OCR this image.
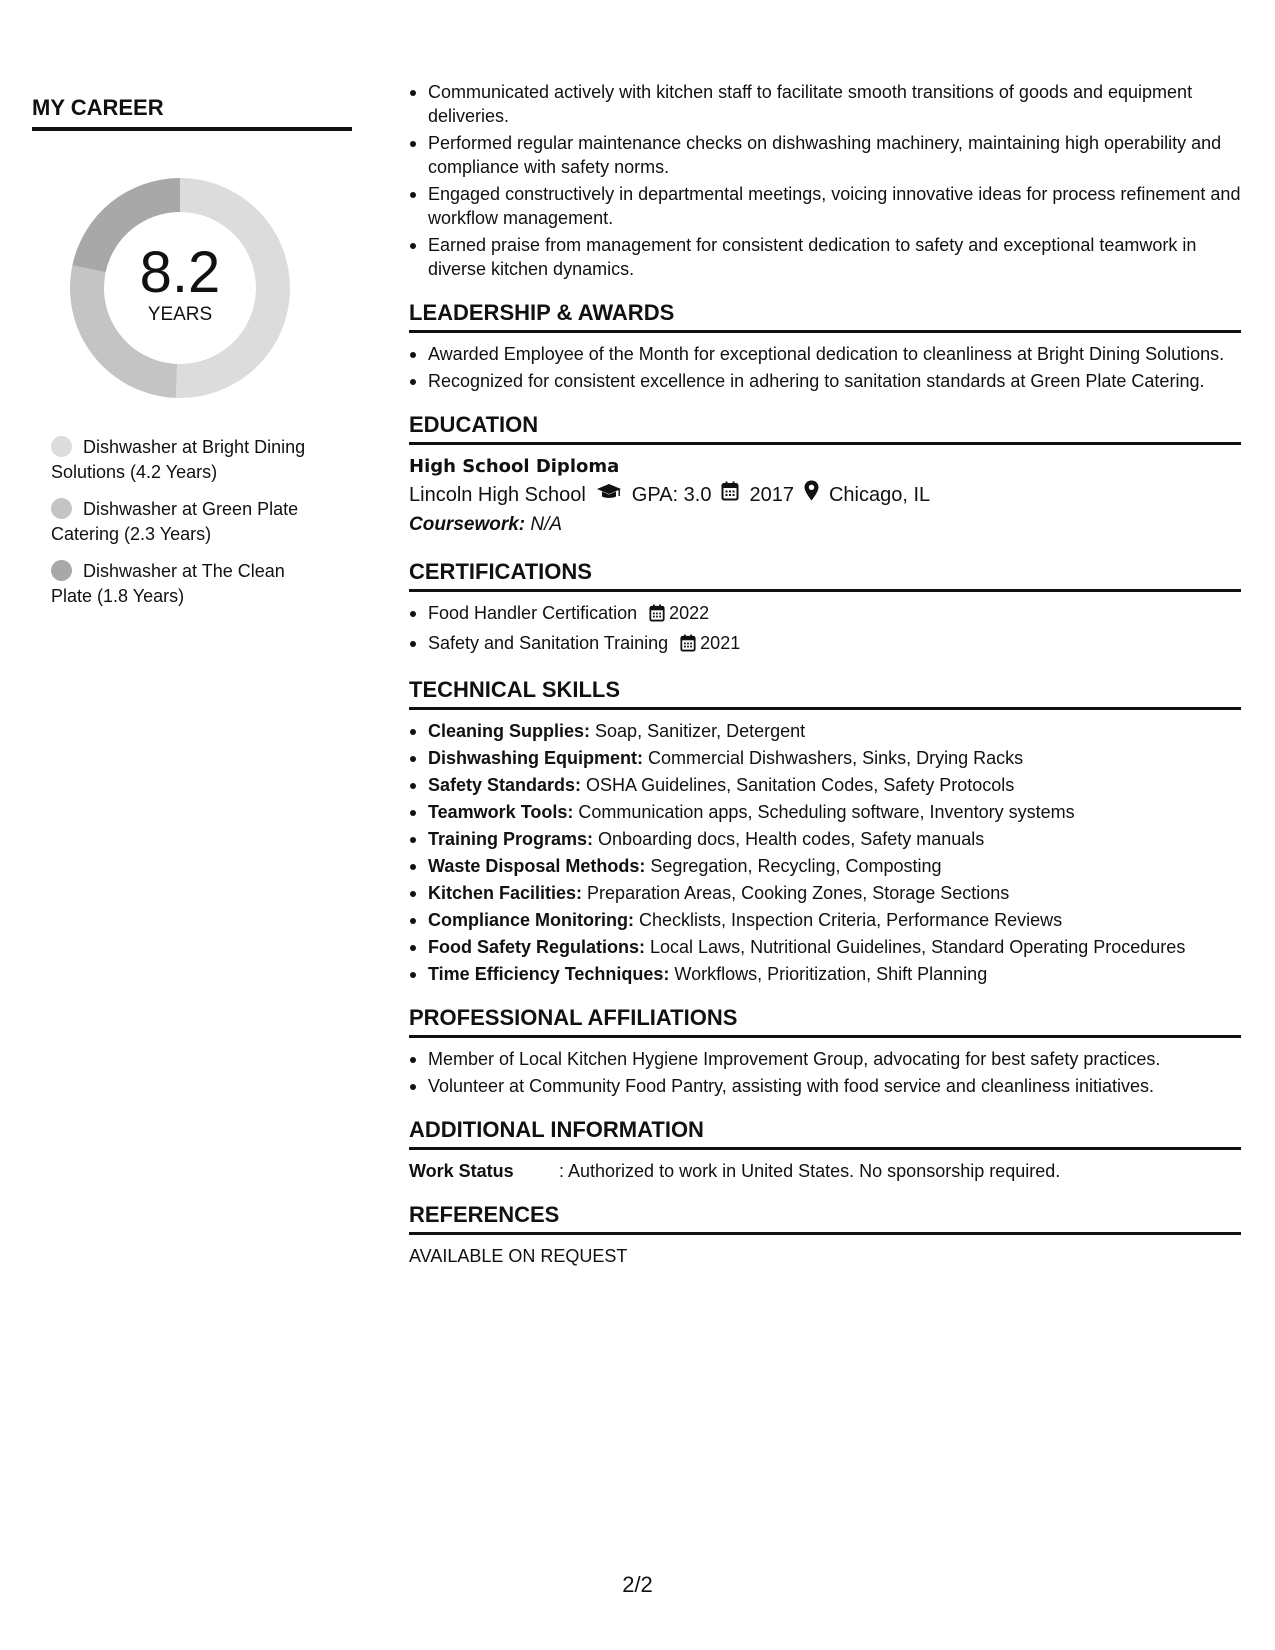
MY CAREER
8.2
YEARS
Dishwasher at Bright Dining Solutions (4.2 Years)
Dishwasher at Green Plate Catering (2.3 Years)
Dishwasher at The Clean Plate (1.8 Years)
Communicated actively with kitchen staff to facilitate smooth transitions of goods and equipment deliveries.
Performed regular maintenance checks on dishwashing machinery, maintaining high operability and compliance with safety norms.
Engaged constructively in departmental meetings, voicing innovative ideas for process refinement and workflow management.
Earned praise from management for consistent dedication to safety and exceptional teamwork in diverse kitchen dynamics.
LEADERSHIP & AWARDS
Awarded Employee of the Month for exceptional dedication to cleanliness at Bright Dining Solutions.
Recognized for consistent excellence in adhering to sanitation standards at Green Plate Catering.
EDUCATION
High School Diploma
Lincoln High School GPA: 3.0 2017 Chicago, IL
Coursework: N/A
CERTIFICATIONS
Food Handler Certification 2022
Safety and Sanitation Training 2021
TECHNICAL SKILLS
Cleaning Supplies: Soap, Sanitizer, Detergent
Dishwashing Equipment: Commercial Dishwashers, Sinks, Drying Racks
Safety Standards: OSHA Guidelines, Sanitation Codes, Safety Protocols
Teamwork Tools: Communication apps, Scheduling software, Inventory systems
Training Programs: Onboarding docs, Health codes, Safety manuals
Waste Disposal Methods: Segregation, Recycling, Composting
Kitchen Facilities: Preparation Areas, Cooking Zones, Storage Sections
Compliance Monitoring: Checklists, Inspection Criteria, Performance Reviews
Food Safety Regulations: Local Laws, Nutritional Guidelines, Standard Operating Procedures
Time Efficiency Techniques: Workflows, Prioritization, Shift Planning
PROFESSIONAL AFFILIATIONS
Member of Local Kitchen Hygiene Improvement Group, advocating for best safety practices.
Volunteer at Community Food Pantry, assisting with food service and cleanliness initiatives.
ADDITIONAL INFORMATION
Work Status	: Authorized to work in United States. No sponsorship required.
REFERENCES
AVAILABLE ON REQUEST
2/2
